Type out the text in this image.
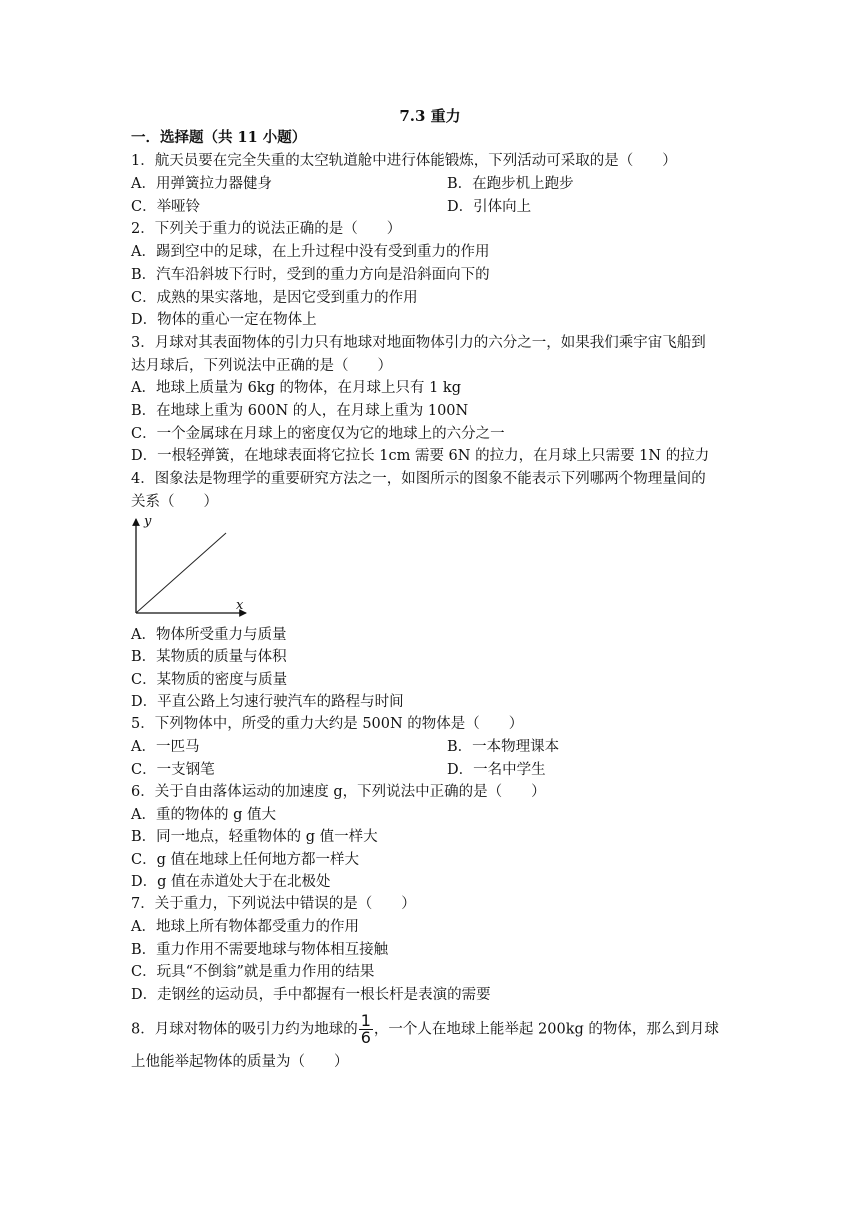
7.3 重力
一．选择题（共 11 小题）
1．航天员要在完全失重的太空轨道舱中进行体能锻炼，下列活动可采取的是（　　）
A．用弹簧拉力器健身	B．在跑步机上跑步
C．举哑铃	D．引体向上
2．下列关于重力的说法正确的是（　　）
A．踢到空中的足球，在上升过程中没有受到重力的作用
B．汽车沿斜坡下行时，受到的重力方向是沿斜面向下的
C．成熟的果实落地，是因它受到重力的作用
D．物体的重心一定在物体上
3．月球对其表面物体的引力只有地球对地面物体引力的六分之一，如果我们乘宇宙飞船到
达月球后，下列说法中正确的是（　　）
A．地球上质量为 6kg 的物体，在月球上只有 1 kg
B．在地球上重为 600N 的人，在月球上重为 100N
C．一个金属球在月球上的密度仅为它的地球上的六分之一
D．一根轻弹簧，在地球表面将它拉长 1cm 需要 6N 的拉力，在月球上只需要 1N 的拉力
4．图象法是物理学的重要研究方法之一，如图所示的图象不能表示下列哪两个物理量间的
关系（　　）
y
x
A．物体所受重力与质量
B．某物质的质量与体积
C．某物质的密度与质量
D．平直公路上匀速行驶汽车的路程与时间
5．下列物体中，所受的重力大约是 500N 的物体是（　　）
A．一匹马	B．一本物理课本
C．一支钢笔	D．一名中学生
6．关于自由落体运动的加速度 g，下列说法中正确的是（　　）
A．重的物体的 g 值大
B．同一地点，轻重物体的 g 值一样大
C．g 值在地球上任何地方都一样大
D．g 值在赤道处大于在北极处
7．关于重力，下列说法中错误的是（　　）
A．地球上所有物体都受重力的作用
B．重力作用不需要地球与物体相互接触
C．玩具“不倒翁”就是重力作用的结果
D．走钢丝的运动员，手中都握有一根长杆是表演的需要
8．月球对物体的吸引力约为地球的 $\frac{1}{6}$ ，一个人在地球上能举起 200kg 的物体，那么到月球
上他能举起物体的质量为（　　）
